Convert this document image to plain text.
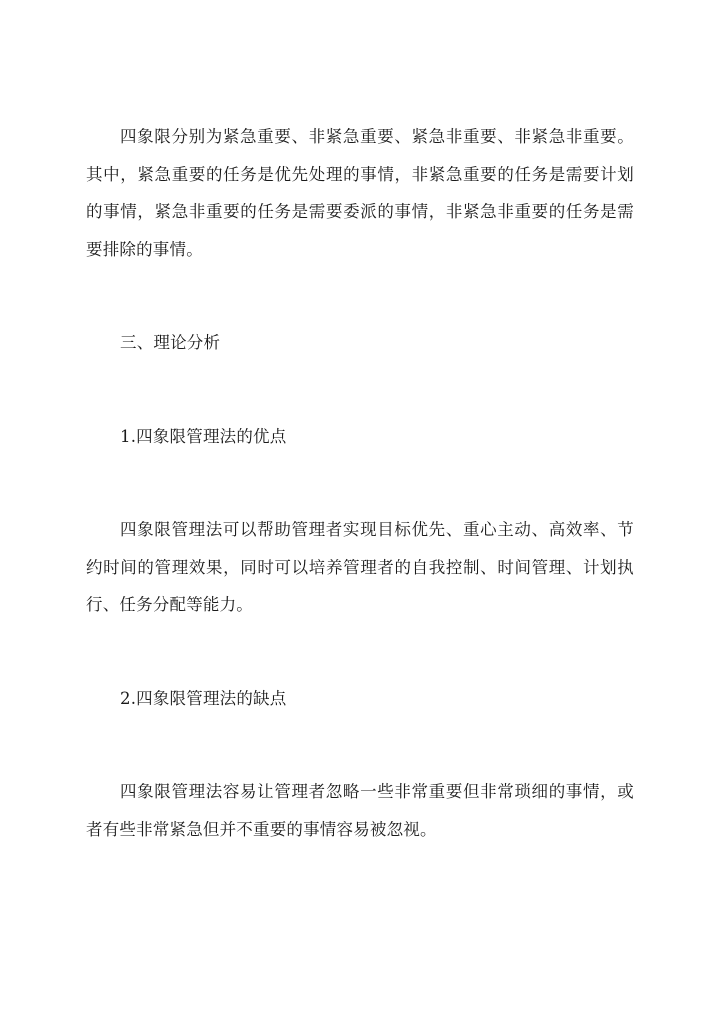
四象限分别为紧急重要、非紧急重要、紧急非重要、非紧急非重要。其中，紧急重要的任务是优先处理的事情，非紧急重要的任务是需要计划的事情，紧急非重要的任务是需要委派的事情，非紧急非重要的任务是需要排除的事情。

三、理论分析

1.四象限管理法的优点

四象限管理法可以帮助管理者实现目标优先、重心主动、高效率、节约时间的管理效果，同时可以培养管理者的自我控制、时间管理、计划执行、任务分配等能力。

2.四象限管理法的缺点

四象限管理法容易让管理者忽略一些非常重要但非常琐细的事情，或者有些非常紧急但并不重要的事情容易被忽视。
